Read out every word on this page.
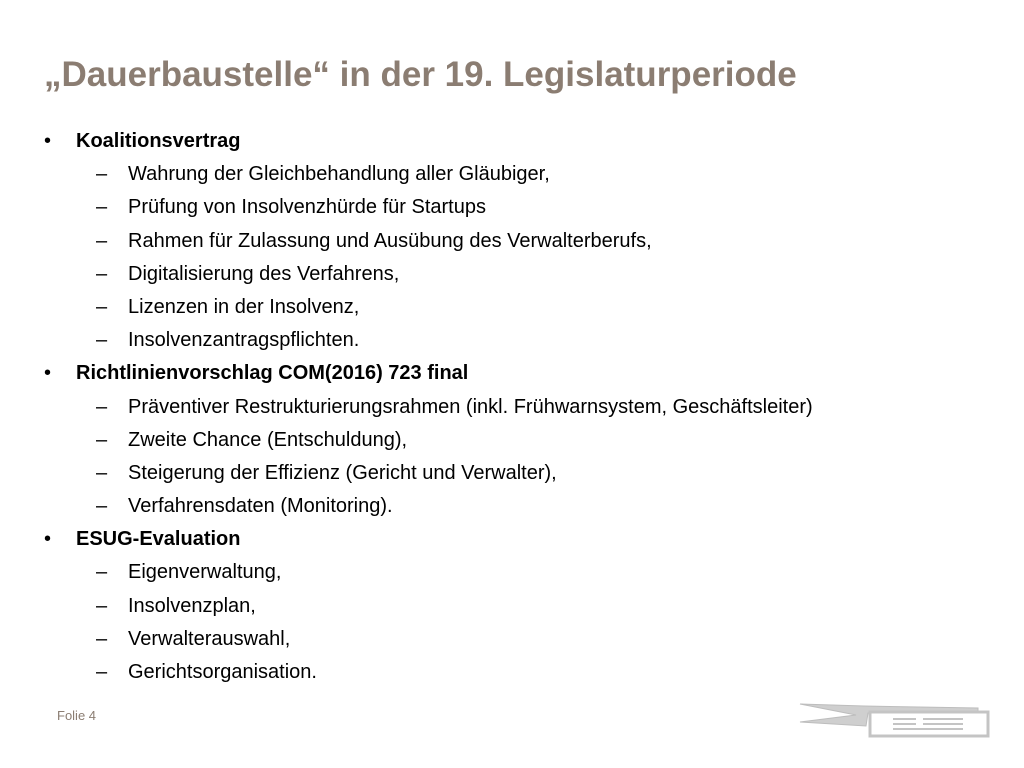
„Dauerbaustelle“ in der 19. Legislaturperiode
• Koalitionsvertrag
– Wahrung der Gleichbehandlung aller Gläubiger,
– Prüfung von Insolvenzhürde für Startups
– Rahmen für Zulassung und Ausübung des Verwalterberufs,
– Digitalisierung des Verfahrens,
– Lizenzen in der Insolvenz,
– Insolvenzantragspflichten.
• Richtlinienvorschlag COM(2016) 723 final
– Präventiver Restrukturierungsrahmen (inkl. Frühwarnsystem, Geschäftsleiter)
– Zweite Chance (Entschuldung),
– Steigerung der Effizienz (Gericht und Verwalter),
– Verfahrensdaten (Monitoring).
• ESUG-Evaluation
– Eigenverwaltung,
– Insolvenzplan,
– Verwalterauswahl,
– Gerichtsorganisation.
Folie 4
